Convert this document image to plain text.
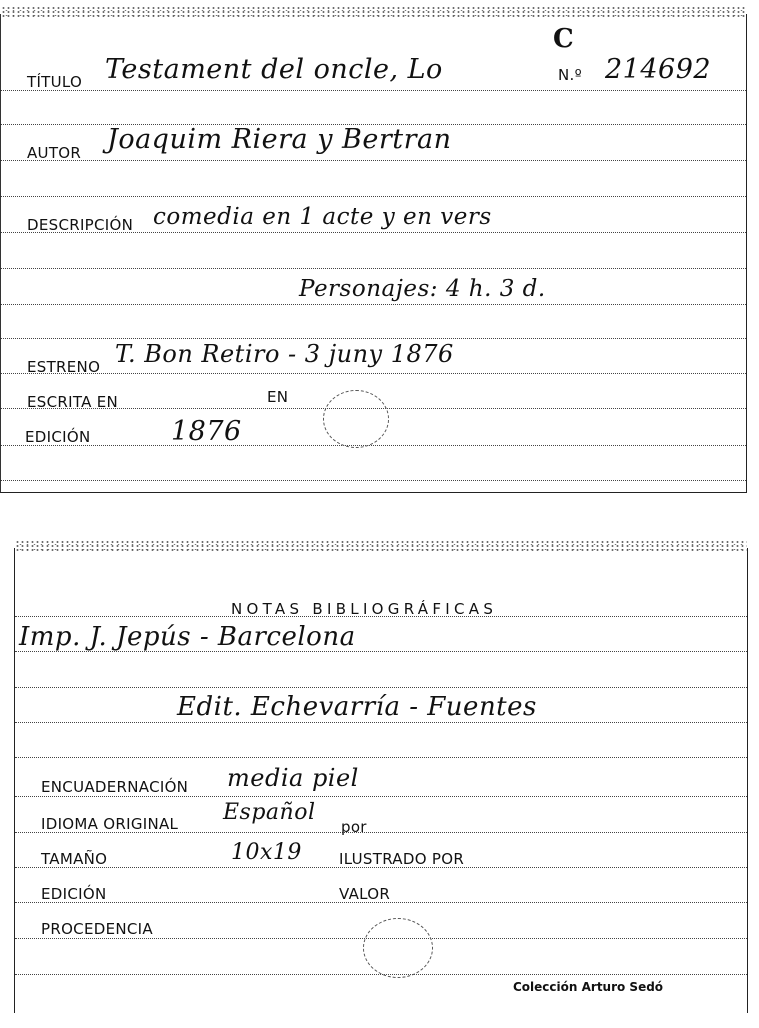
TÍTULO Testament del oncle, Lo
C
N.º 214692
AUTOR Joaquim Riera y Bertran
DESCRIPCIÓN comedia en 1 acte y en vers
Personajes: 4 h. 3 d.
ESTRENO T. Bon Retiro - 3 juny 1876
ESCRITA EN	EN
EDICIÓN	1876
NOTAS BIBLIOGRÁFICAS
Imp. J. Jepús - Barcelona
Edit. Echevarría - Fuentes
ENCUADERNACIÓN media piel
IDIOMA ORIGINAL Español
por
TAMAÑO	10x19 ILUSTRADO POR
EDICIÓN	VALOR
PROCEDENCIA
Colección Arturo Sedó
